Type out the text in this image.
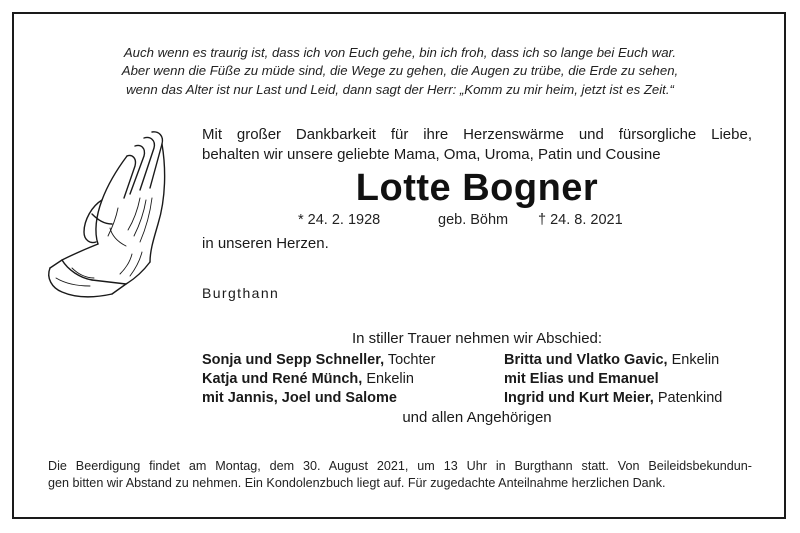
Auch wenn es traurig ist, dass ich von Euch gehe, bin ich froh, dass ich so lange bei Euch war.
Aber wenn die Füße zu müde sind, die Wege zu gehen, die Augen zu trübe, die Erde zu sehen,
wenn das Alter ist nur Last und Leid, dann sagt der Herr: „Komm zu mir heim, jetzt ist es Zeit.“
Mit großer Dankbarkeit für ihre Herzenswärme und fürsorgliche Liebe,
behalten wir unsere geliebte Mama, Oma, Uroma, Patin und Cousine
Lotte Bogner
* 24. 2. 1928	geb. Böhm † 24. 8. 2021
in unseren Herzen.
Burgthann
In stiller Trauer nehmen wir Abschied:
Sonja und Sepp Schneller, Tochter
Katja und René Münch, Enkelin
mit Jannis, Joel und Salome
Britta und Vlatko Gavic, Enkelin
mit Elias und Emanuel
Ingrid und Kurt Meier, Patenkind
und allen Angehörigen
Die Beerdigung findet am Montag, dem 30. August 2021, um 13 Uhr in Burgthann statt. Von Beileidsbekundun-
gen bitten wir Abstand zu nehmen. Ein Kondolenzbuch liegt auf. Für zugedachte Anteilnahme herzlichen Dank.
